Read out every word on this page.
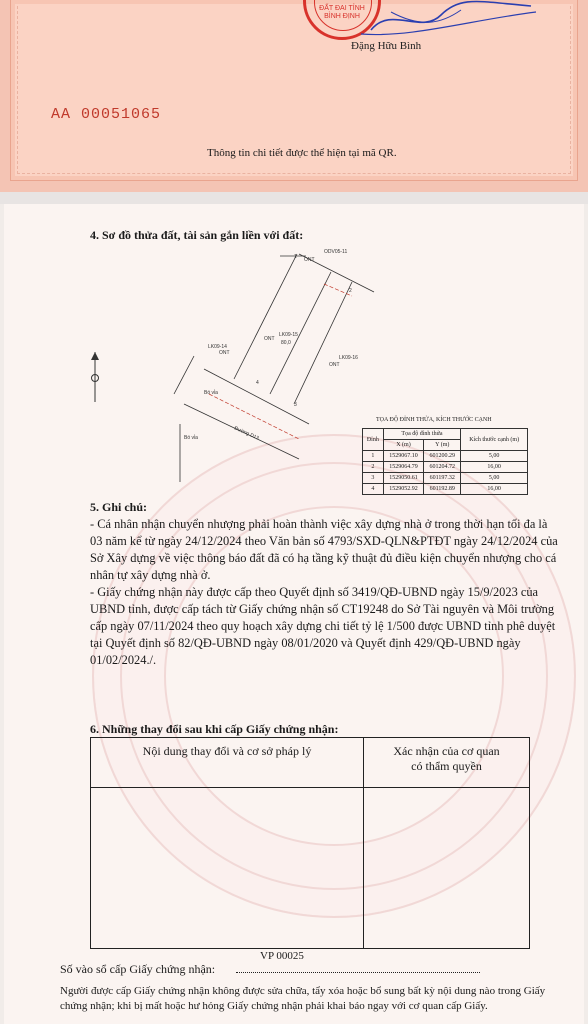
ĐẤT ĐAI TỈNH BÌNH ĐỊNH
Đặng Hữu Bình
AA 00051065
Thông tin chi tiết được thể hiện tại mã QR.
4. Sơ đồ thửa đất, tài sản gắn liền với đất:
ODV05-11
ONT
LK09-14
ONT
LK09-15
80,0
ONT
LK09-16
ONT
Đường D13
Bó vỉa
Bó vỉa
1
2
3
4
TỌA ĐỘ ĐỈNH THỬA, KÍCH THƯỚC CẠNH
Đỉnh	Tọa độ đỉnh thửa		Kích thước cạnh (m)
	X (m)	Y (m)	
1	1529067.10	601200.29	5,00
2	1529064.79	601204.72	16,00
3	1529050.61	601197.32	5,00
4	1529052.92	601192.89	16,00
5. Ghi chú:

- Cá nhân nhận chuyển nhượng phải hoàn thành việc xây dựng nhà ở trong thời hạn tối đa là 03 năm kể từ ngày 24/12/2024 theo Văn bản số 4793/SXD-QLN&PTĐT ngày 24/12/2024 của Sở Xây dựng về việc thông báo đất đã có hạ tầng kỹ thuật đủ điều kiện chuyển nhượng cho cá nhân tự xây dựng nhà ở.

- Giấy chứng nhận này được cấp theo Quyết định số 3419/QĐ-UBND ngày 15/9/2023 của UBND tỉnh, được cấp tách từ Giấy chứng nhận số CT19248 do Sở Tài nguyên và Môi trường cấp ngày 07/11/2024 theo quy hoạch xây dựng chi tiết tỷ lệ 1/500 được UBND tỉnh phê duyệt tại Quyết định số 82/QĐ-UBND ngày 08/01/2020 và Quyết định 429/QĐ-UBND ngày 01/02/2024./.

6. Những thay đổi sau khi cấp Giấy chứng nhận:
Nội dung thay đổi và cơ sở pháp lý	Xác nhận của cơ quan
có thẩm quyền

VP 00025
Số vào sổ cấp Giấy chứng nhận:

Người được cấp Giấy chứng nhận không được sửa chữa, tẩy xóa hoặc bổ sung bất kỳ nội dung nào trong Giấy chứng nhận; khi bị mất hoặc hư hỏng Giấy chứng nhận phải khai báo ngay với cơ quan cấp Giấy.
